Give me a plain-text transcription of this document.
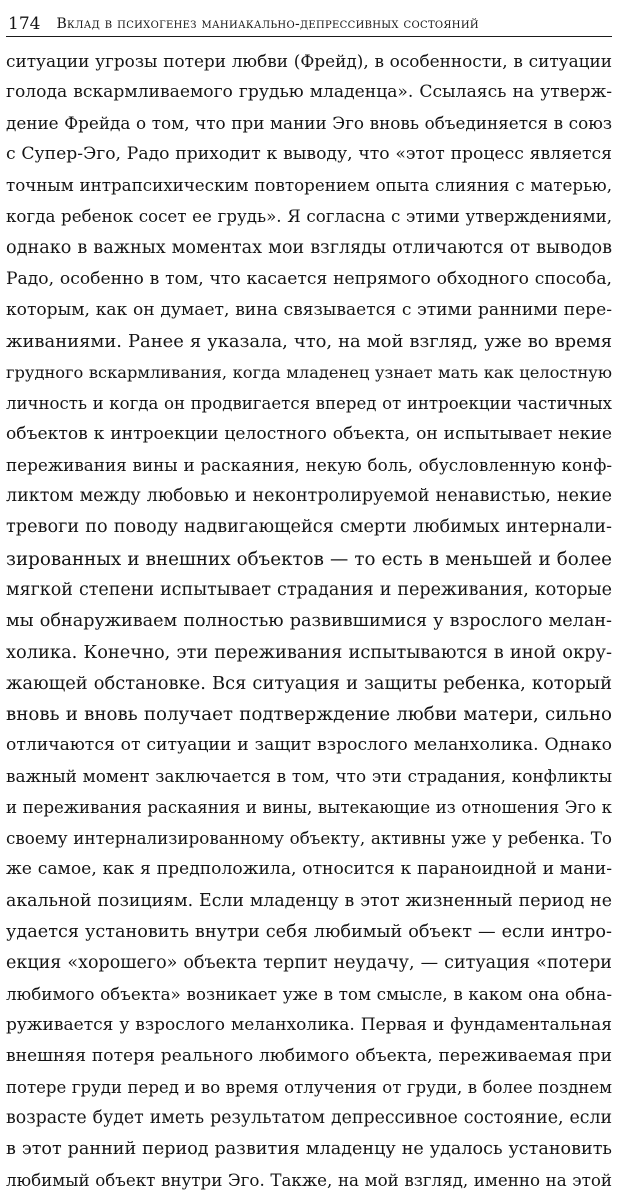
174 Вклад в психогенез маниакально-депрессивных состояний
ситуации угрозы потери любви (Фрейд), в особенности, в ситуации
голода вскармливаемого грудью младенца». Ссылаясь на утверж-
дение Фрейда о том, что при мании Эго вновь объединяется в союз
с Супер-Эго, Радо приходит к выводу, что «этот процесс является
точным интрапсихическим повторением опыта слияния с матерью,
когда ребенок сосет ее грудь». Я согласна с этими утверждениями,
однако в важных моментах мои взгляды отличаются от выводов
Радо, особенно в том, что касается непрямого обходного способа,
которым, как он думает, вина связывается с этими ранними пере-
живаниями. Ранее я указала, что, на мой взгляд, уже во время
грудного вскармливания, когда младенец узнает мать как целостную
личность и когда он продвигается вперед от интроекции частичных
объектов к интроекции целостного объекта, он испытывает некие
переживания вины и раскаяния, некую боль, обусловленную конф-
ликтом между любовью и неконтролируемой ненавистью, некие
тревоги по поводу надвигающейся смерти любимых интернали-
зированных и внешних объектов — то есть в меньшей и более
мягкой степени испытывает страдания и переживания, которые
мы обнаруживаем полностью развившимися у взрослого мелан-
холика. Конечно, эти переживания испытываются в иной окру-
жающей обстановке. Вся ситуация и защиты ребенка, который
вновь и вновь получает подтверждение любви матери, сильно
отличаются от ситуации и защит взрослого меланхолика. Однако
важный момент заключается в том, что эти страдания, конфликты
и переживания раскаяния и вины, вытекающие из отношения Эго к
своему интернализированному объекту, активны уже у ребенка. То
же самое, как я предположила, относится к параноидной и мани-
акальной позициям. Если младенцу в этот жизненный период не
удается установить внутри себя любимый объект — если интро-
екция «хорошего» объекта терпит неудачу, — ситуация «потери
любимого объекта» возникает уже в том смысле, в каком она обна-
руживается у взрослого меланхолика. Первая и фундаментальная
внешняя потеря реального любимого объекта, переживаемая при
потере груди перед и во время отлучения от груди, в более позднем
возрасте будет иметь результатом депрессивное состояние, если
в этот ранний период развития младенцу не удалось установить
любимый объект внутри Эго. Также, на мой взгляд, именно на этой
